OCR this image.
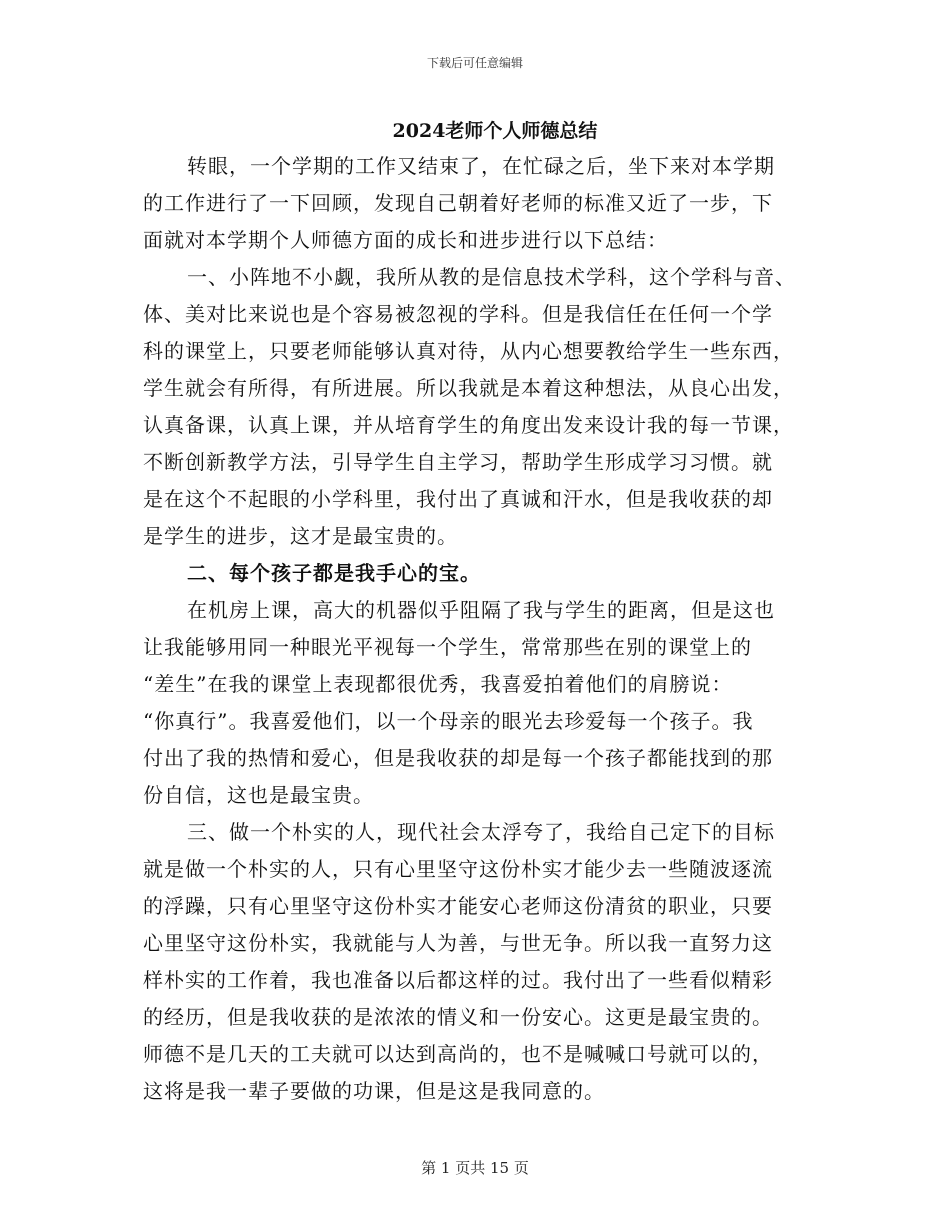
下载后可任意编辑
2024老师个人师德总结

转眼，一个学期的工作又结束了，在忙碌之后，坐下来对本学期
的工作进行了一下回顾，发现自己朝着好老师的标准又近了一步，下
面就对本学期个人师德方面的成长和进步进行以下总结：

一、小阵地不小觑，我所从教的是信息技术学科，这个学科与音、
体、美对比来说也是个容易被忽视的学科。但是我信任在任何一个学
科的课堂上，只要老师能够认真对待，从内心想要教给学生一些东西，
学生就会有所得，有所进展。所以我就是本着这种想法，从良心出发，
认真备课，认真上课，并从培育学生的角度出发来设计我的每一节课，
不断创新教学方法，引导学生自主学习，帮助学生形成学习习惯。就
是在这个不起眼的小学科里，我付出了真诚和汗水，但是我收获的却
是学生的进步，这才是最宝贵的。

二、每个孩子都是我手心的宝。

在机房上课，高大的机器似乎阻隔了我与学生的距离，但是这也
让我能够用同一种眼光平视每一个学生，常常那些在别的课堂上的
“差生”在我的课堂上表现都很优秀，我喜爱拍着他们的肩膀说：
“你真行”。我喜爱他们，以一个母亲的眼光去珍爱每一个孩子。我
付出了我的热情和爱心，但是我收获的却是每一个孩子都能找到的那
份自信，这也是最宝贵。

三、做一个朴实的人，现代社会太浮夸了，我给自己定下的目标
就是做一个朴实的人，只有心里坚守这份朴实才能少去一些随波逐流
的浮躁，只有心里坚守这份朴实才能安心老师这份清贫的职业，只要
心里坚守这份朴实，我就能与人为善，与世无争。所以我一直努力这
样朴实的工作着，我也准备以后都这样的过。我付出了一些看似精彩
的经历，但是我收获的是浓浓的情义和一份安心。这更是最宝贵的。
师德不是几天的工夫就可以达到高尚的，也不是喊喊口号就可以的，
这将是我一辈子要做的功课，但是这是我同意的。

第 1 页共 15 页
